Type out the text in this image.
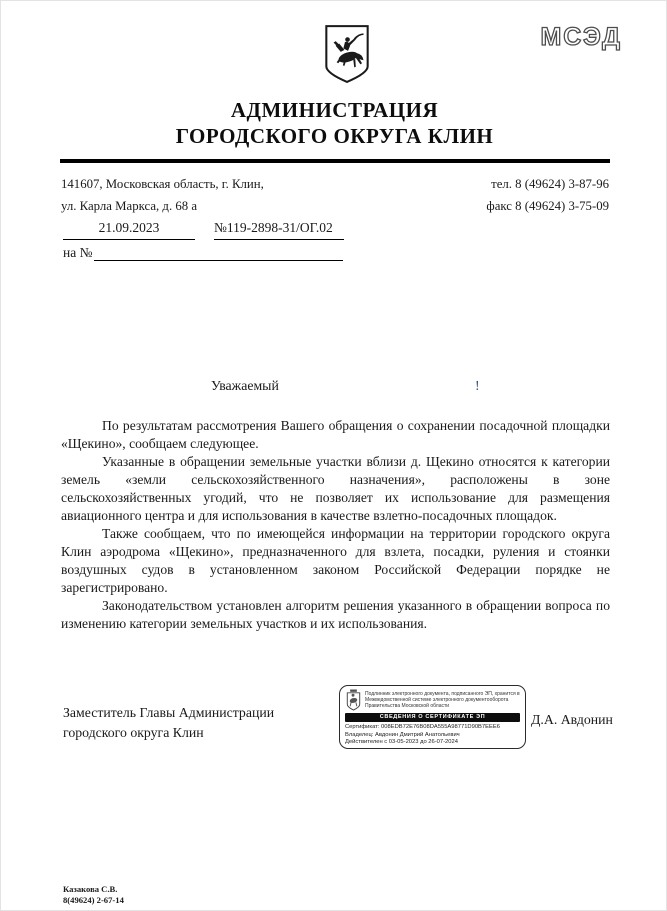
МСЭД
АДМИНИСТРАЦИЯ
ГОРОДСКОГО ОКРУГА КЛИН
141607, Московская область, г. Клин,
ул. Карла Маркса, д. 68 а
тел. 8 (49624) 3-87-96
факс 8 (49624) 3-75-09
21.09.2023	№119-2898-31/ОГ.02
на №
Уважаемый	!

По результатам рассмотрения Вашего обращения о сохранении посадочной площадки «Щекино», сообщаем следующее.

Указанные в обращении земельные участки вблизи д. Щекино относятся к категории земель «земли сельскохозяйственного назначения», расположены в зоне сельскохозяйственных угодий, что не позволяет их использование для размещения авиационного центра и для использования в качестве взлетно-посадочных площадок.

Также сообщаем, что по имеющейся информации на территории городского округа Клин аэродрома «Щекино», предназначенного для взлета, посадки, руления и стоянки воздушных судов в установленном законом Российской Федерации порядке не зарегистрировано.

Законодательством установлен алгоритм решения указанного в обращении вопроса по изменению категории земельных участков и их использования.

Заместитель Главы Администрации
городского округа Клин
Подлинник электронного документа, подписанного ЭП, хранится в Межведомственной системе электронного документооборота Правительства Московской области
СВЕДЕНИЯ О СЕРТИФИКАТЕ ЭП
Сертификат: 008EDB72E76B08DA555A98771D90B7EEE6
Владелец: Авдонин Дмитрий Анатольевич
Действителен с 03-05-2023 до 26-07-2024
Д.А. Авдонин
Казакова С.В.
8(49624) 2-67-14
